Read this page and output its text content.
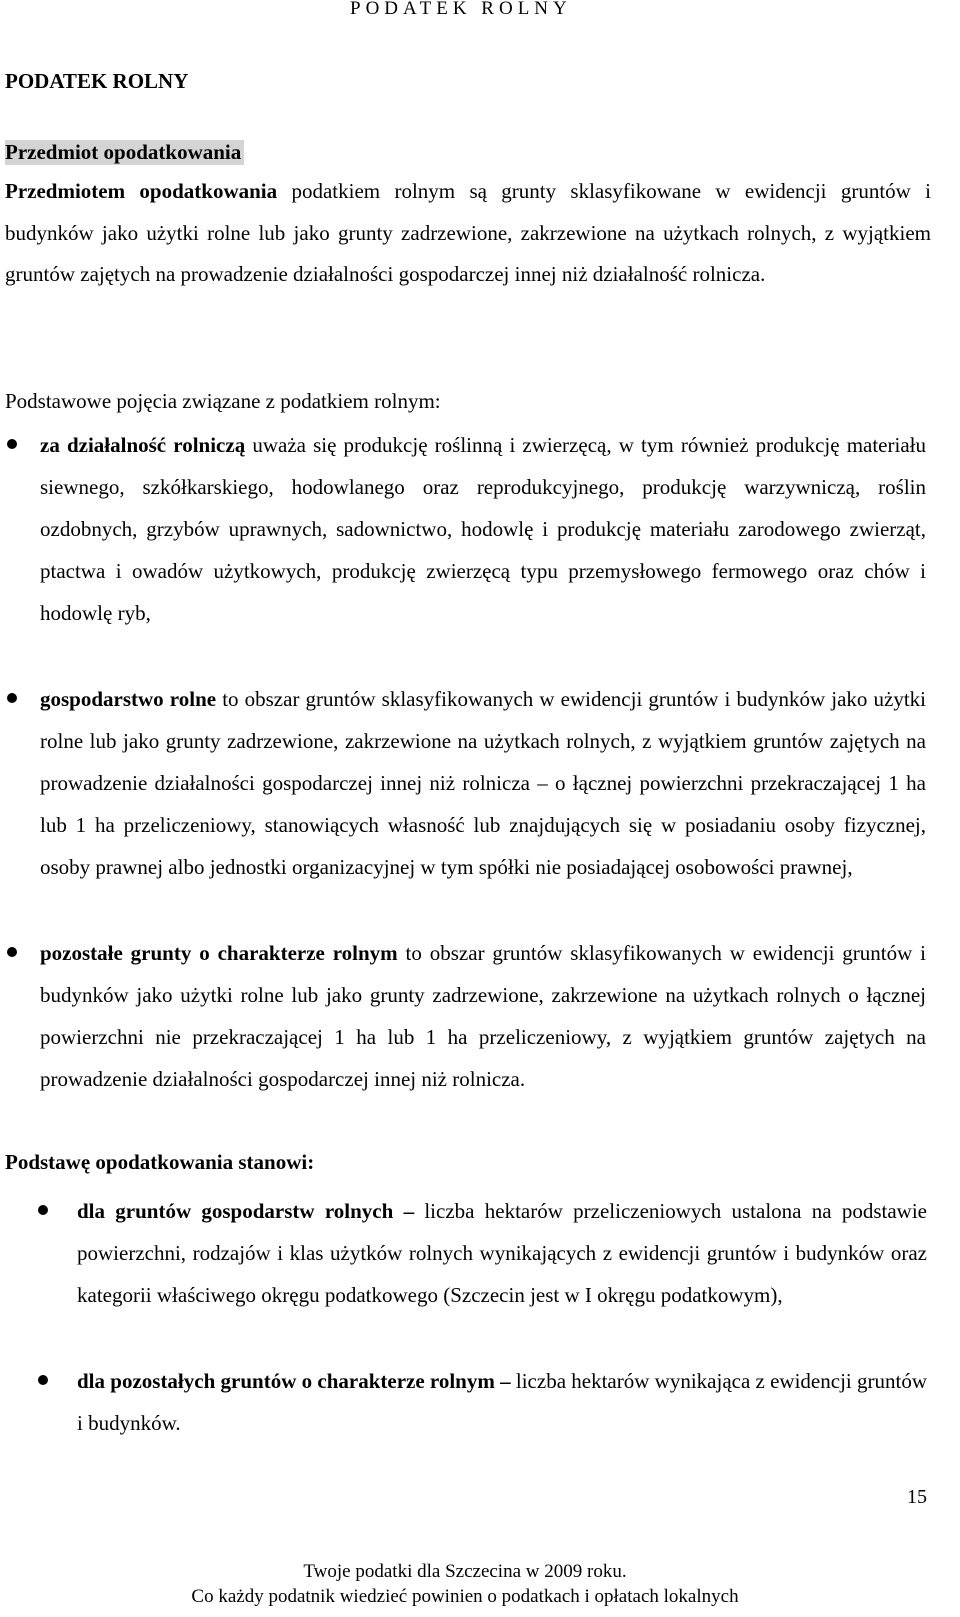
PODATEK ROLNY
PODATEK ROLNY
Przedmiot opodatkowania

Przedmiotem opodatkowania podatkiem rolnym są grunty sklasyfikowane w ewidencji gruntów i budynków jako użytki rolne lub jako grunty zadrzewione, zakrzewione na użytkach rolnych, z wyjątkiem gruntów zajętych na prowadzenie działalności gospodarczej innej niż działalność rolnicza.

Podstawowe pojęcia związane z podatkiem rolnym:

za działalność rolniczą uważa się produkcję roślinną i zwierzęcą, w tym również produkcję materiału siewnego, szkółkarskiego, hodowlanego oraz reprodukcyjnego, produkcję warzywniczą, roślin ozdobnych, grzybów uprawnych, sadownictwo, hodowlę i produkcję materiału zarodowego zwierząt, ptactwa i owadów użytkowych, produkcję zwierzęcą typu przemysłowego fermowego oraz chów i hodowlę ryb,
gospodarstwo rolne to obszar gruntów sklasyfikowanych w ewidencji gruntów i budynków jako użytki rolne lub jako grunty zadrzewione, zakrzewione na użytkach rolnych, z wyjątkiem gruntów zajętych na prowadzenie działalności gospodarczej innej niż rolnicza – o łącznej powierzchni przekraczającej 1 ha lub 1 ha przeliczeniowy, stanowiących własność lub znajdujących się w posiadaniu osoby fizycznej, osoby prawnej albo jednostki organizacyjnej w tym spółki nie posiadającej osobowości prawnej,
pozostałe grunty o charakterze rolnym to obszar gruntów sklasyfikowanych w ewidencji gruntów i budynków jako użytki rolne lub jako grunty zadrzewione, zakrzewione na użytkach rolnych o łącznej powierzchni nie przekraczającej 1 ha lub 1 ha przeliczeniowy, z wyjątkiem gruntów zajętych na prowadzenie działalności gospodarczej innej niż rolnicza.
Podstawę opodatkowania stanowi:
dla gruntów gospodarstw rolnych – liczba hektarów przeliczeniowych ustalona na podstawie powierzchni, rodzajów i klas użytków rolnych wynikających z ewidencji gruntów i budynków oraz kategorii właściwego okręgu podatkowego (Szczecin jest w I okręgu podatkowym),
dla pozostałych gruntów o charakterze rolnym – liczba hektarów wynikająca z ewidencji gruntów i budynków.
15
Twoje podatki dla Szczecina w 2009 roku.
Co każdy podatnik wiedzieć powinien o podatkach i opłatach lokalnych
